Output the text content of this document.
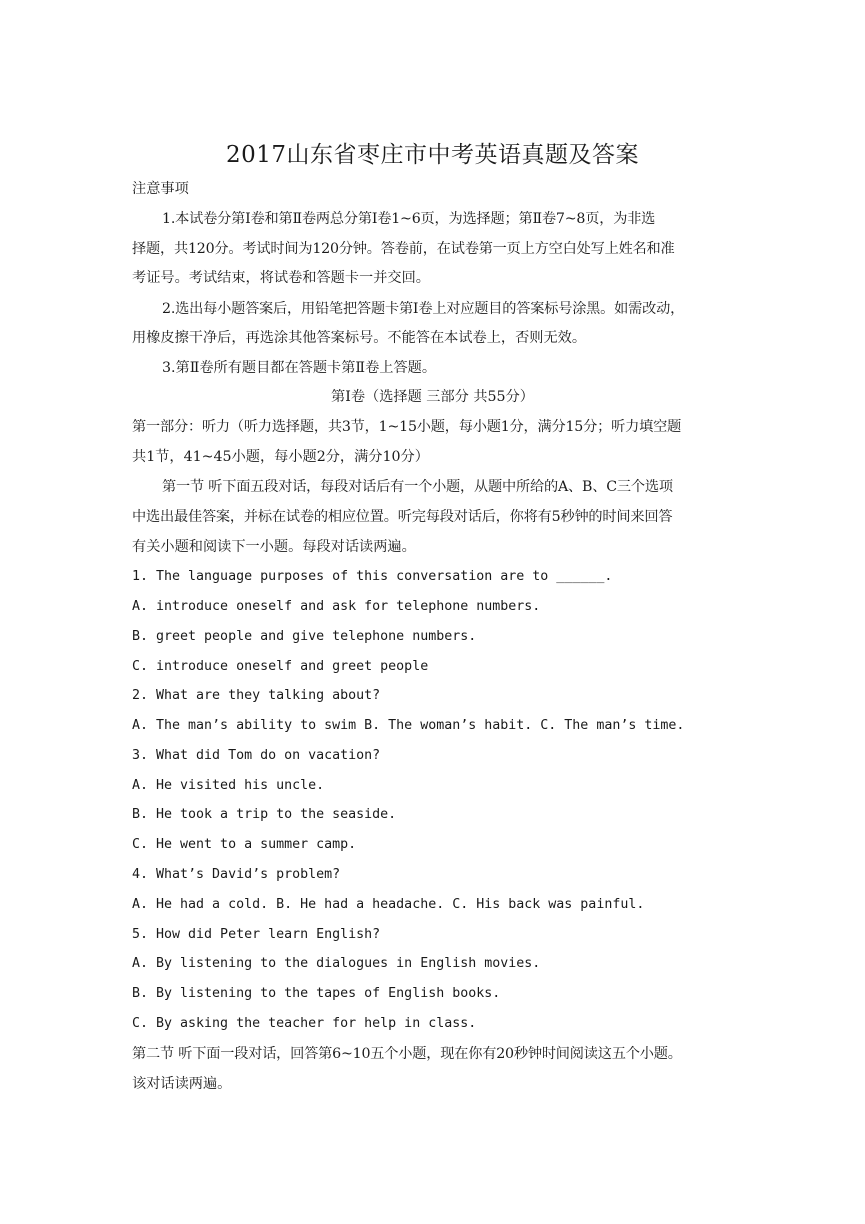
2017山东省枣庄市中考英语真题及答案
注意事项
1.本试卷分第Ⅰ卷和第Ⅱ卷两总分第Ⅰ卷1~6页，为选择题；第Ⅱ卷7~8页，为非选
择题，共120分。考试时间为120分钟。答卷前，在试卷第一页上方空白处写上姓名和准
考证号。考试结束，将试卷和答题卡一并交回。
2.选出每小题答案后，用铅笔把答题卡第Ⅰ卷上对应题目的答案标号涂黑。如需改动，
用橡皮擦干净后，再选涂其他答案标号。不能答在本试卷上，否则无效。
3.第Ⅱ卷所有题目都在答题卡第Ⅱ卷上答题。
第Ⅰ卷（选择题 三部分 共55分）
第一部分：听力（听力选择题，共3节，1~15小题，每小题1分，满分15分；听力填空题
共1节，41~45小题，每小题2分，满分10分）
第一节 听下面五段对话，每段对话后有一个小题，从题中所给的A、B、C三个选项
中选出最佳答案，并标在试卷的相应位置。听完每段对话后，你将有5秒钟的时间来回答
有关小题和阅读下一小题。每段对话读两遍。
1. The language purposes of this conversation are to ______.
A. introduce oneself and ask for telephone numbers.
B. greet people and give telephone numbers.
C. introduce oneself and greet people
2. What are they talking about?
A. The man’s ability to swim B. The woman’s habit. C. The man’s time.
3. What did Tom do on vacation?
A. He visited his uncle.
B. He took a trip to the seaside.
C. He went to a summer camp.
4. What’s David’s problem?
A. He had a cold. B. He had a headache. C. His back was painful.
5. How did Peter learn English?
A. By listening to the dialogues in English movies.
B. By listening to the tapes of English books.
C. By asking the teacher for help in class.
第二节 听下面一段对话，回答第6~10五个小题，现在你有20秒钟时间阅读这五个小题。
该对话读两遍。
